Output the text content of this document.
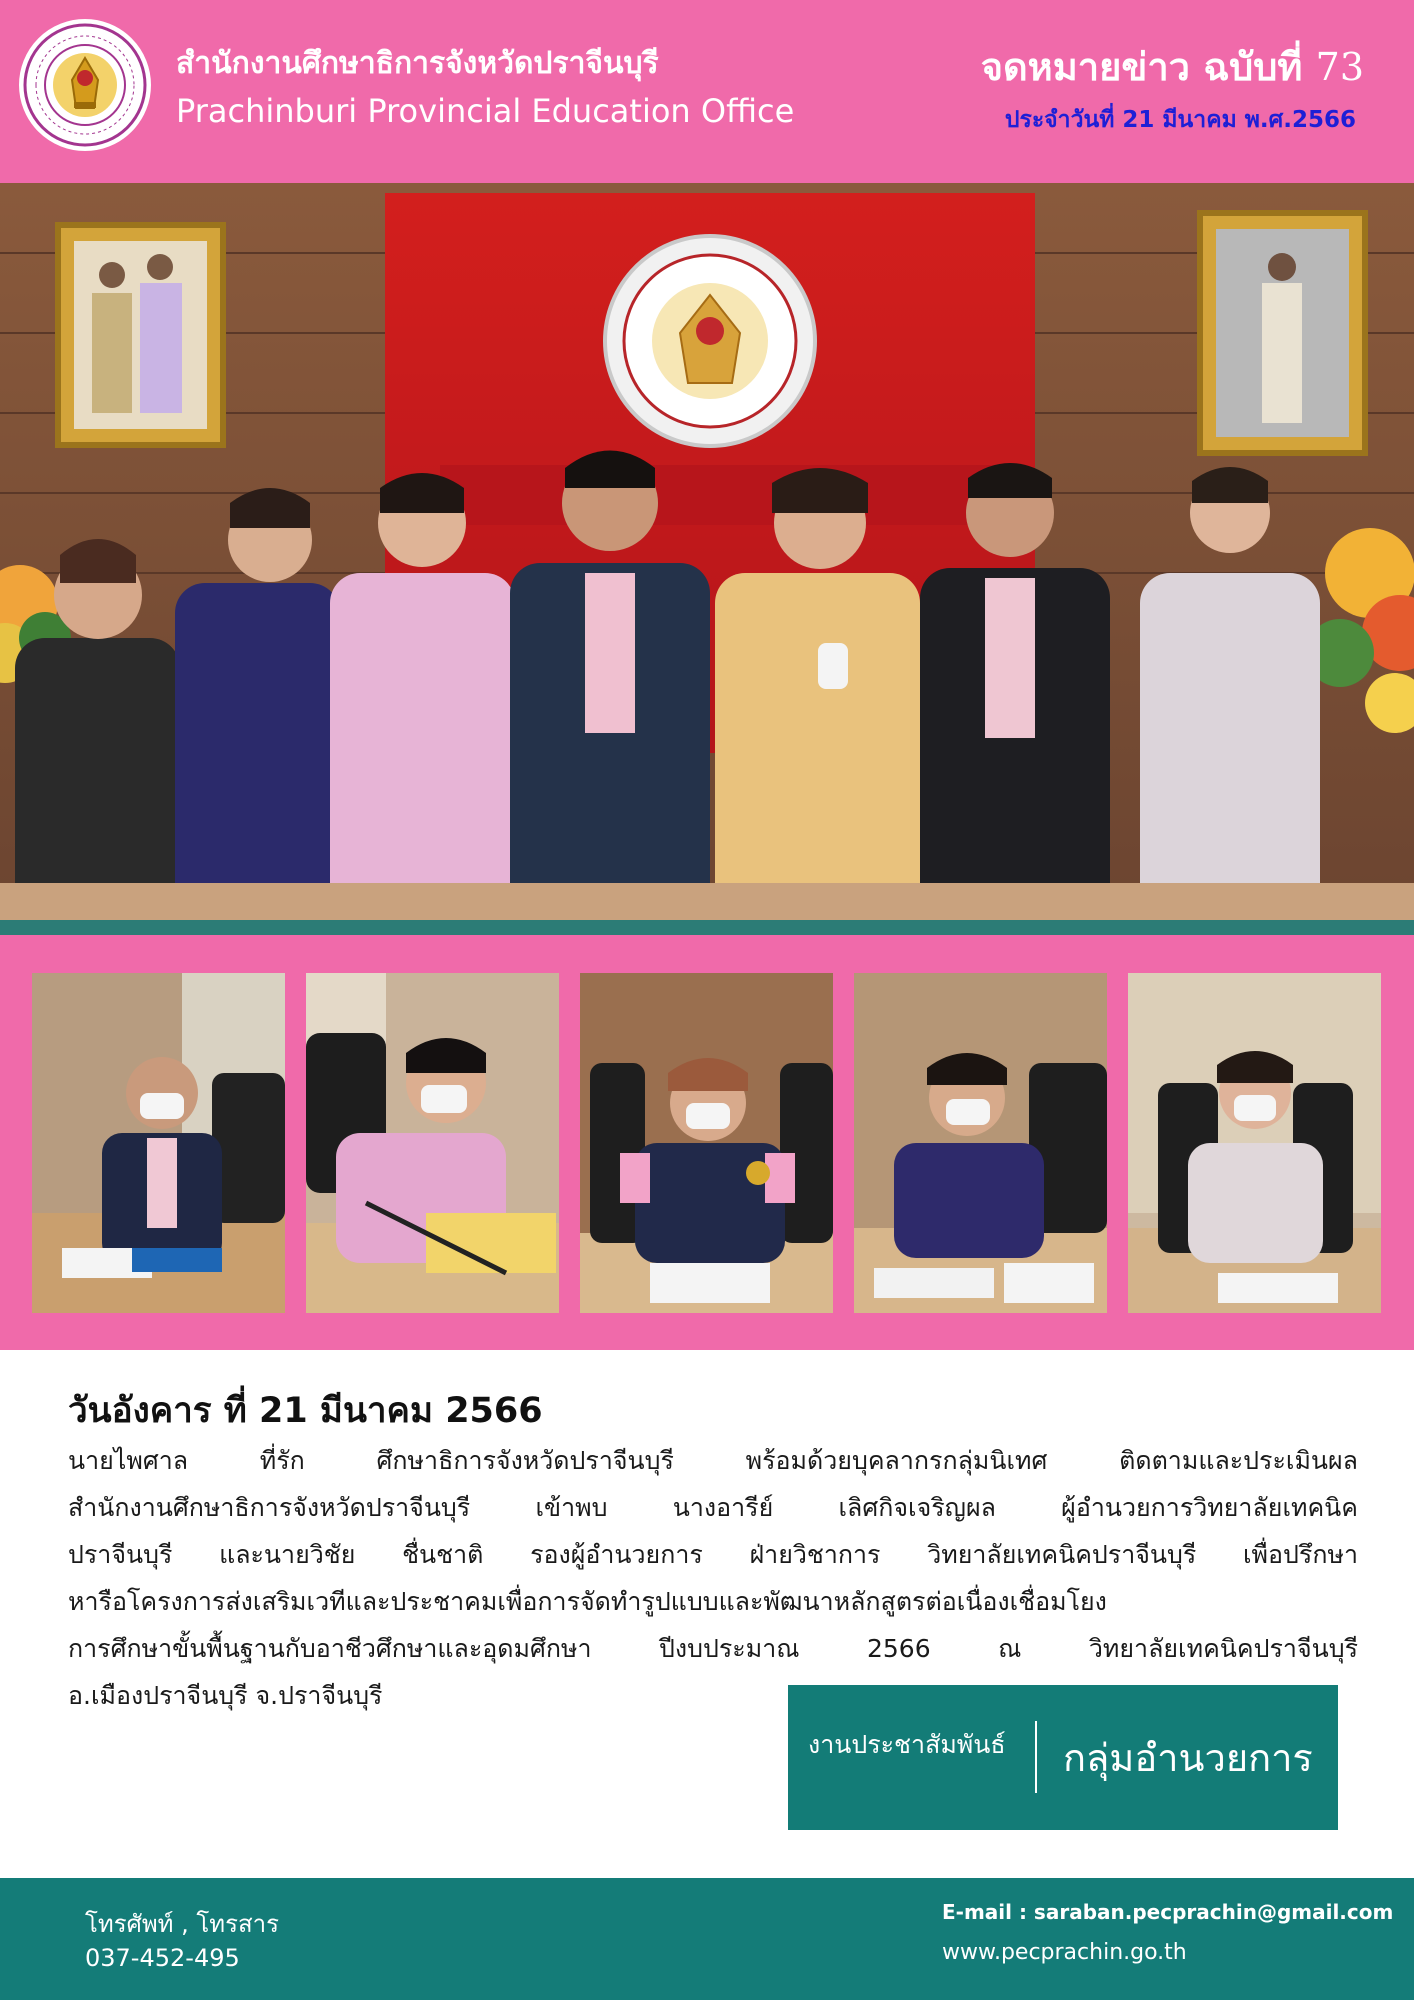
สำนักงานศึกษาธิการจังหวัดปราจีนบุรี
Prachinburi Provincial Education Office
จดหมายข่าว ฉบับที่ 73
ประจำวันที่ 21 มีนาคม พ.ศ.2566
วันอังคาร ที่ 21 มีนาคม 2566
นายไพศาล ที่รัก ศึกษาธิการจังหวัดปราจีนบุรี พร้อมด้วยบุคลากรกลุ่มนิเทศ ติดตามและประเมินผล
สำนักงานศึกษาธิการจังหวัดปราจีนบุรี เข้าพบ นางอารีย์ เลิศกิจเจริญผล ผู้อำนวยการวิทยาลัยเทคนิค
ปราจีนบุรี และนายวิชัย ชื่นชาติ รองผู้อำนวยการ ฝ่ายวิชาการ วิทยาลัยเทคนิคปราจีนบุรี เพื่อปรึกษา
หารือโครงการส่งเสริมเวทีและประชาคมเพื่อการจัดทำรูปแบบและพัฒนาหลักสูตรต่อเนื่องเชื่อมโยง
การศึกษาขั้นพื้นฐานกับอาชีวศึกษาและอุดมศึกษา ปีงบประมาณ 2566 ณ วิทยาลัยเทคนิคปราจีนบุรี
อ.เมืองปราจีนบุรี จ.ปราจีนบุรี
งานประชาสัมพันธ์ กลุ่มอำนวยการ
โทรศัพท์ , โทรสาร
037-452-495
E-mail : saraban.pecprachin@gmail.com
www.pecprachin.go.th
